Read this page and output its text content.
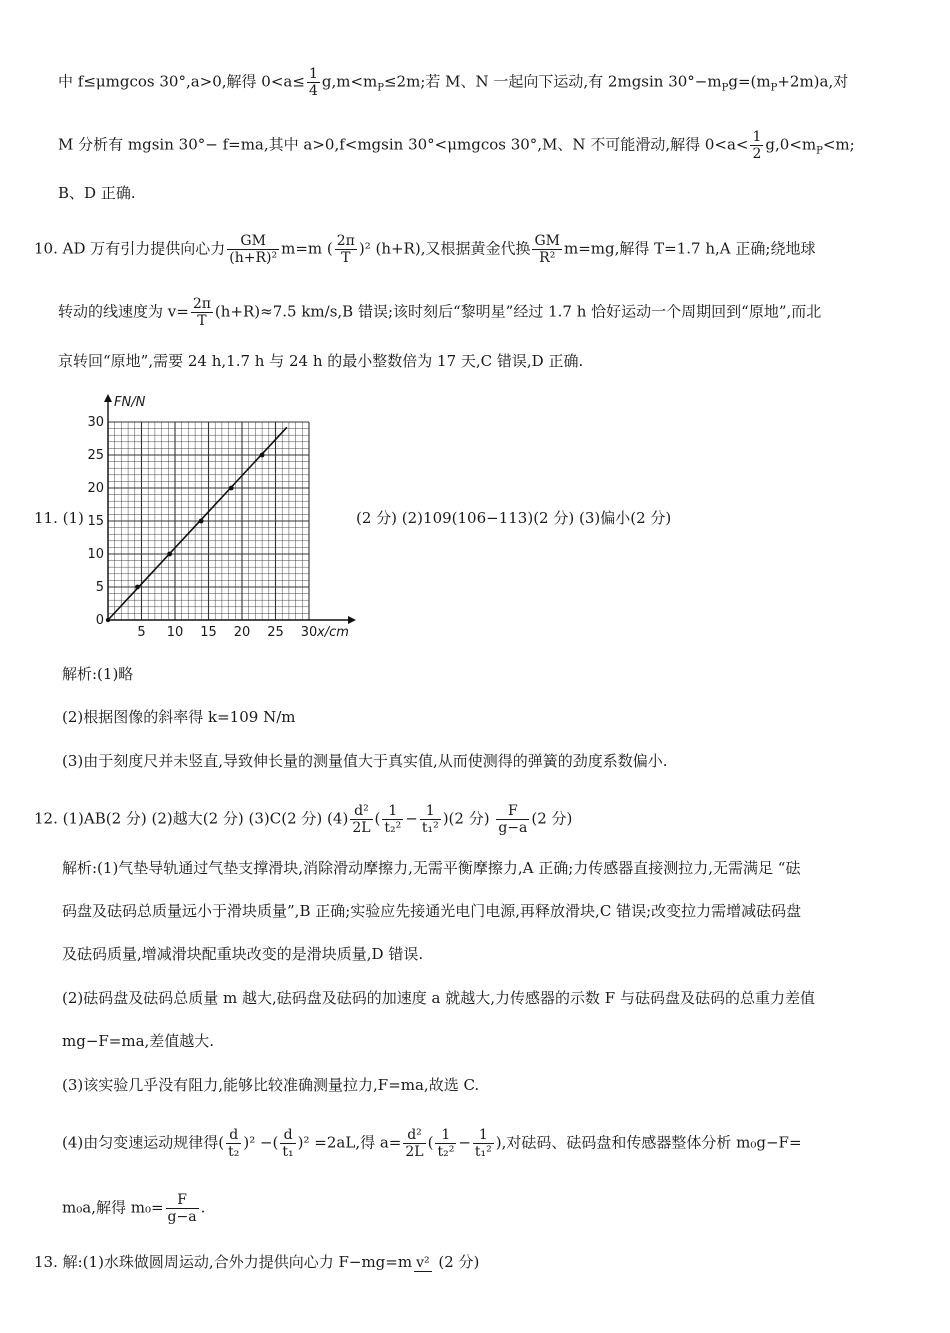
中 f≤μmgcos 30°,a>0,解得 $0<a\le \frac{1}{4} g,m<m_P\le 2m$;若 M、N 一起向下运动,有 2mgsin $30^\circ-m_Pg=(m_P+2m)a$,对
M 分析有 mgsin 30°− f=ma,其中 a>0,f<mgsin 30°<μmgcos 30°,M、N 不可能滑动,解得 $0<a< \frac{1}{2} g,0<m_P<m$;
B、D 正确.
10. AD 万有引力提供向心力 $\frac{GM}{\text{(h+R)²}} m=m$ ( $\frac{2\pi}{T} )^2$ (h+R),又根据黄金代换 $\frac{GM}{\text{R²}} m=mg$,解得 T=1.7 h,A 正确;绕地球
转动的线速度为 $v= \frac{2\pi}{T} (h+R)\approx 7.5$ km/s,B 错误;该时刻后“黎明星”经过 1.7 h 恰好运动一个周期回到“原地”,而北
京转回“原地”,需要 24 h,1.7 h 与 24 h 的最小整数倍为 17 天,C 错误,D 正确.
11. (1)
0
5
10
15
20
25
30
5 10 15 20 25 30
FN/N
x/cm
(2 分) (2)109(106−113)(2 分) (3)偏小(2 分)
解析:(1)略
(2)根据图像的斜率得 k=109 N/m
(3)由于刻度尺并未竖直,导致伸长量的测量值大于真实值,从而使测得的弹簧的劲度系数偏小.
12. (1)AB(2 分) (2)越大(2 分) (3)C(2 分) $(4) \frac{\text{d²}}{2L}$ ( $\frac{1}{\text{t₂²}} - \frac{1}{\text{t₁²}} )(2$ 分) $\frac{F}{g-a} (2$ 分)
解析:(1)气垫导轨通过气垫支撑滑块,消除滑动摩擦力,无需平衡摩擦力,A 正确;力传感器直接测拉力,无需满足 “砝
码盘及砝码总质量远小于滑块质量”,B 正确;实验应先接通光电门电源,再释放滑块,C 错误;改变拉力需增减砝码盘
及砝码质量,增减滑块配重块改变的是滑块质量,D 错误.
(2)砝码盘及砝码总质量 m 越大,砝码盘及砝码的加速度 a 就越大,力传感器的示数 F 与砝码盘及砝码的总重力差值
mg−F=ma,差值越大.
(3)该实验几乎没有阻力,能够比较准确测量拉力,F=ma,故选 C.
(4)由匀变速运动规律得( $\frac{d}{\text{t₂}} )^2$ −( $\frac{d}{\text{t₁}} )^2 =2aL$,得 $a= \frac{\text{d²}}{2L}$ ( $\frac{1}{\text{t₂²}} - \frac{1}{\text{t₁²}}$ ),对砝码、砝码盘和传感器整体分析 m₀g−F=
m₀a,解得 $m_0= \frac{F}{g-a}$ .
13. 解:(1)水珠做圆周运动,合外力提供向心力 F−mg=m v² (2 分)
